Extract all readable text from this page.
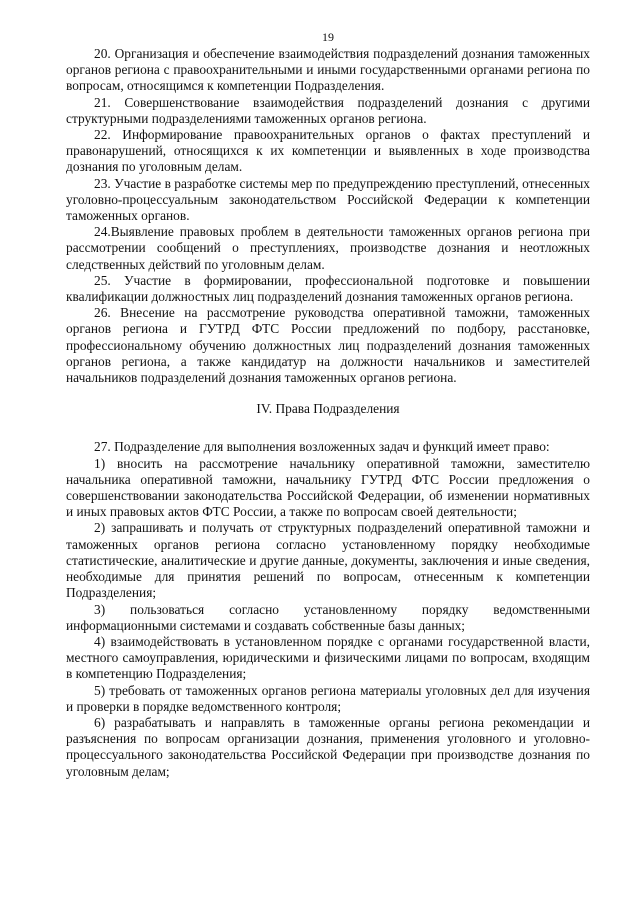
19

20. Организация и обеспечение взаимодействия подразделений дознания таможенных органов региона с правоохранительными и иными государственными органами региона по вопросам, относящимся к компетенции Подразделения.

21. Совершенствование взаимодействия подразделений дознания с другими структурными подразделениями таможенных органов региона.

22. Информирование правоохранительных органов о фактах преступлений и правонарушений, относящихся к их компетенции и выявленных в ходе производства дознания по уголовным делам.

23. Участие в разработке системы мер по предупреждению преступлений, отнесенных уголовно-процессуальным законодательством Российской Федерации к компетенции таможенных органов.

24.Выявление правовых проблем в деятельности таможенных органов региона при рассмотрении сообщений о преступлениях, производстве дознания и неотложных следственных действий по уголовным делам.

25. Участие в формировании, профессиональной подготовке и повышении квалификации должностных лиц подразделений дознания таможенных органов региона.

26. Внесение на рассмотрение руководства оперативной таможни, таможенных органов региона и ГУТРД ФТС России предложений по подбору, расстановке, профессиональному обучению должностных лиц подразделений дознания таможенных органов региона, а также кандидатур на должности начальников и заместителей начальников подразделений дознания таможенных органов региона.

IV. Права Подразделения

27. Подразделение для выполнения возложенных задач и функций имеет право:

1) вносить на рассмотрение начальнику оперативной таможни, заместителю начальника оперативной таможни, начальнику ГУТРД ФТС России предложения о совершенствовании законодательства Российской Федерации, об изменении нормативных и иных правовых актов ФТС России, а также по вопросам своей деятельности;

2) запрашивать и получать от структурных подразделений оперативной таможни и таможенных органов региона согласно установленному порядку необходимые статистические, аналитические и другие данные, документы, заключения и иные сведения, необходимые для принятия решений по вопросам, отнесенным к компетенции Подразделения;

3) пользоваться согласно установленному порядку ведомственными информационными системами и создавать собственные базы данных;

4) взаимодействовать в установленном порядке с органами государственной власти, местного самоуправления, юридическими и физическими лицами по вопросам, входящим в компетенцию Подразделения;

5) требовать от таможенных органов региона материалы уголовных дел для изучения и проверки в порядке ведомственного контроля;

6) разрабатывать и направлять в таможенные органы региона рекомендации и разъяснения по вопросам организации дознания, применения уголовного и уголовно-процессуального законодательства Российской Федерации при производстве дознания по уголовным делам;
